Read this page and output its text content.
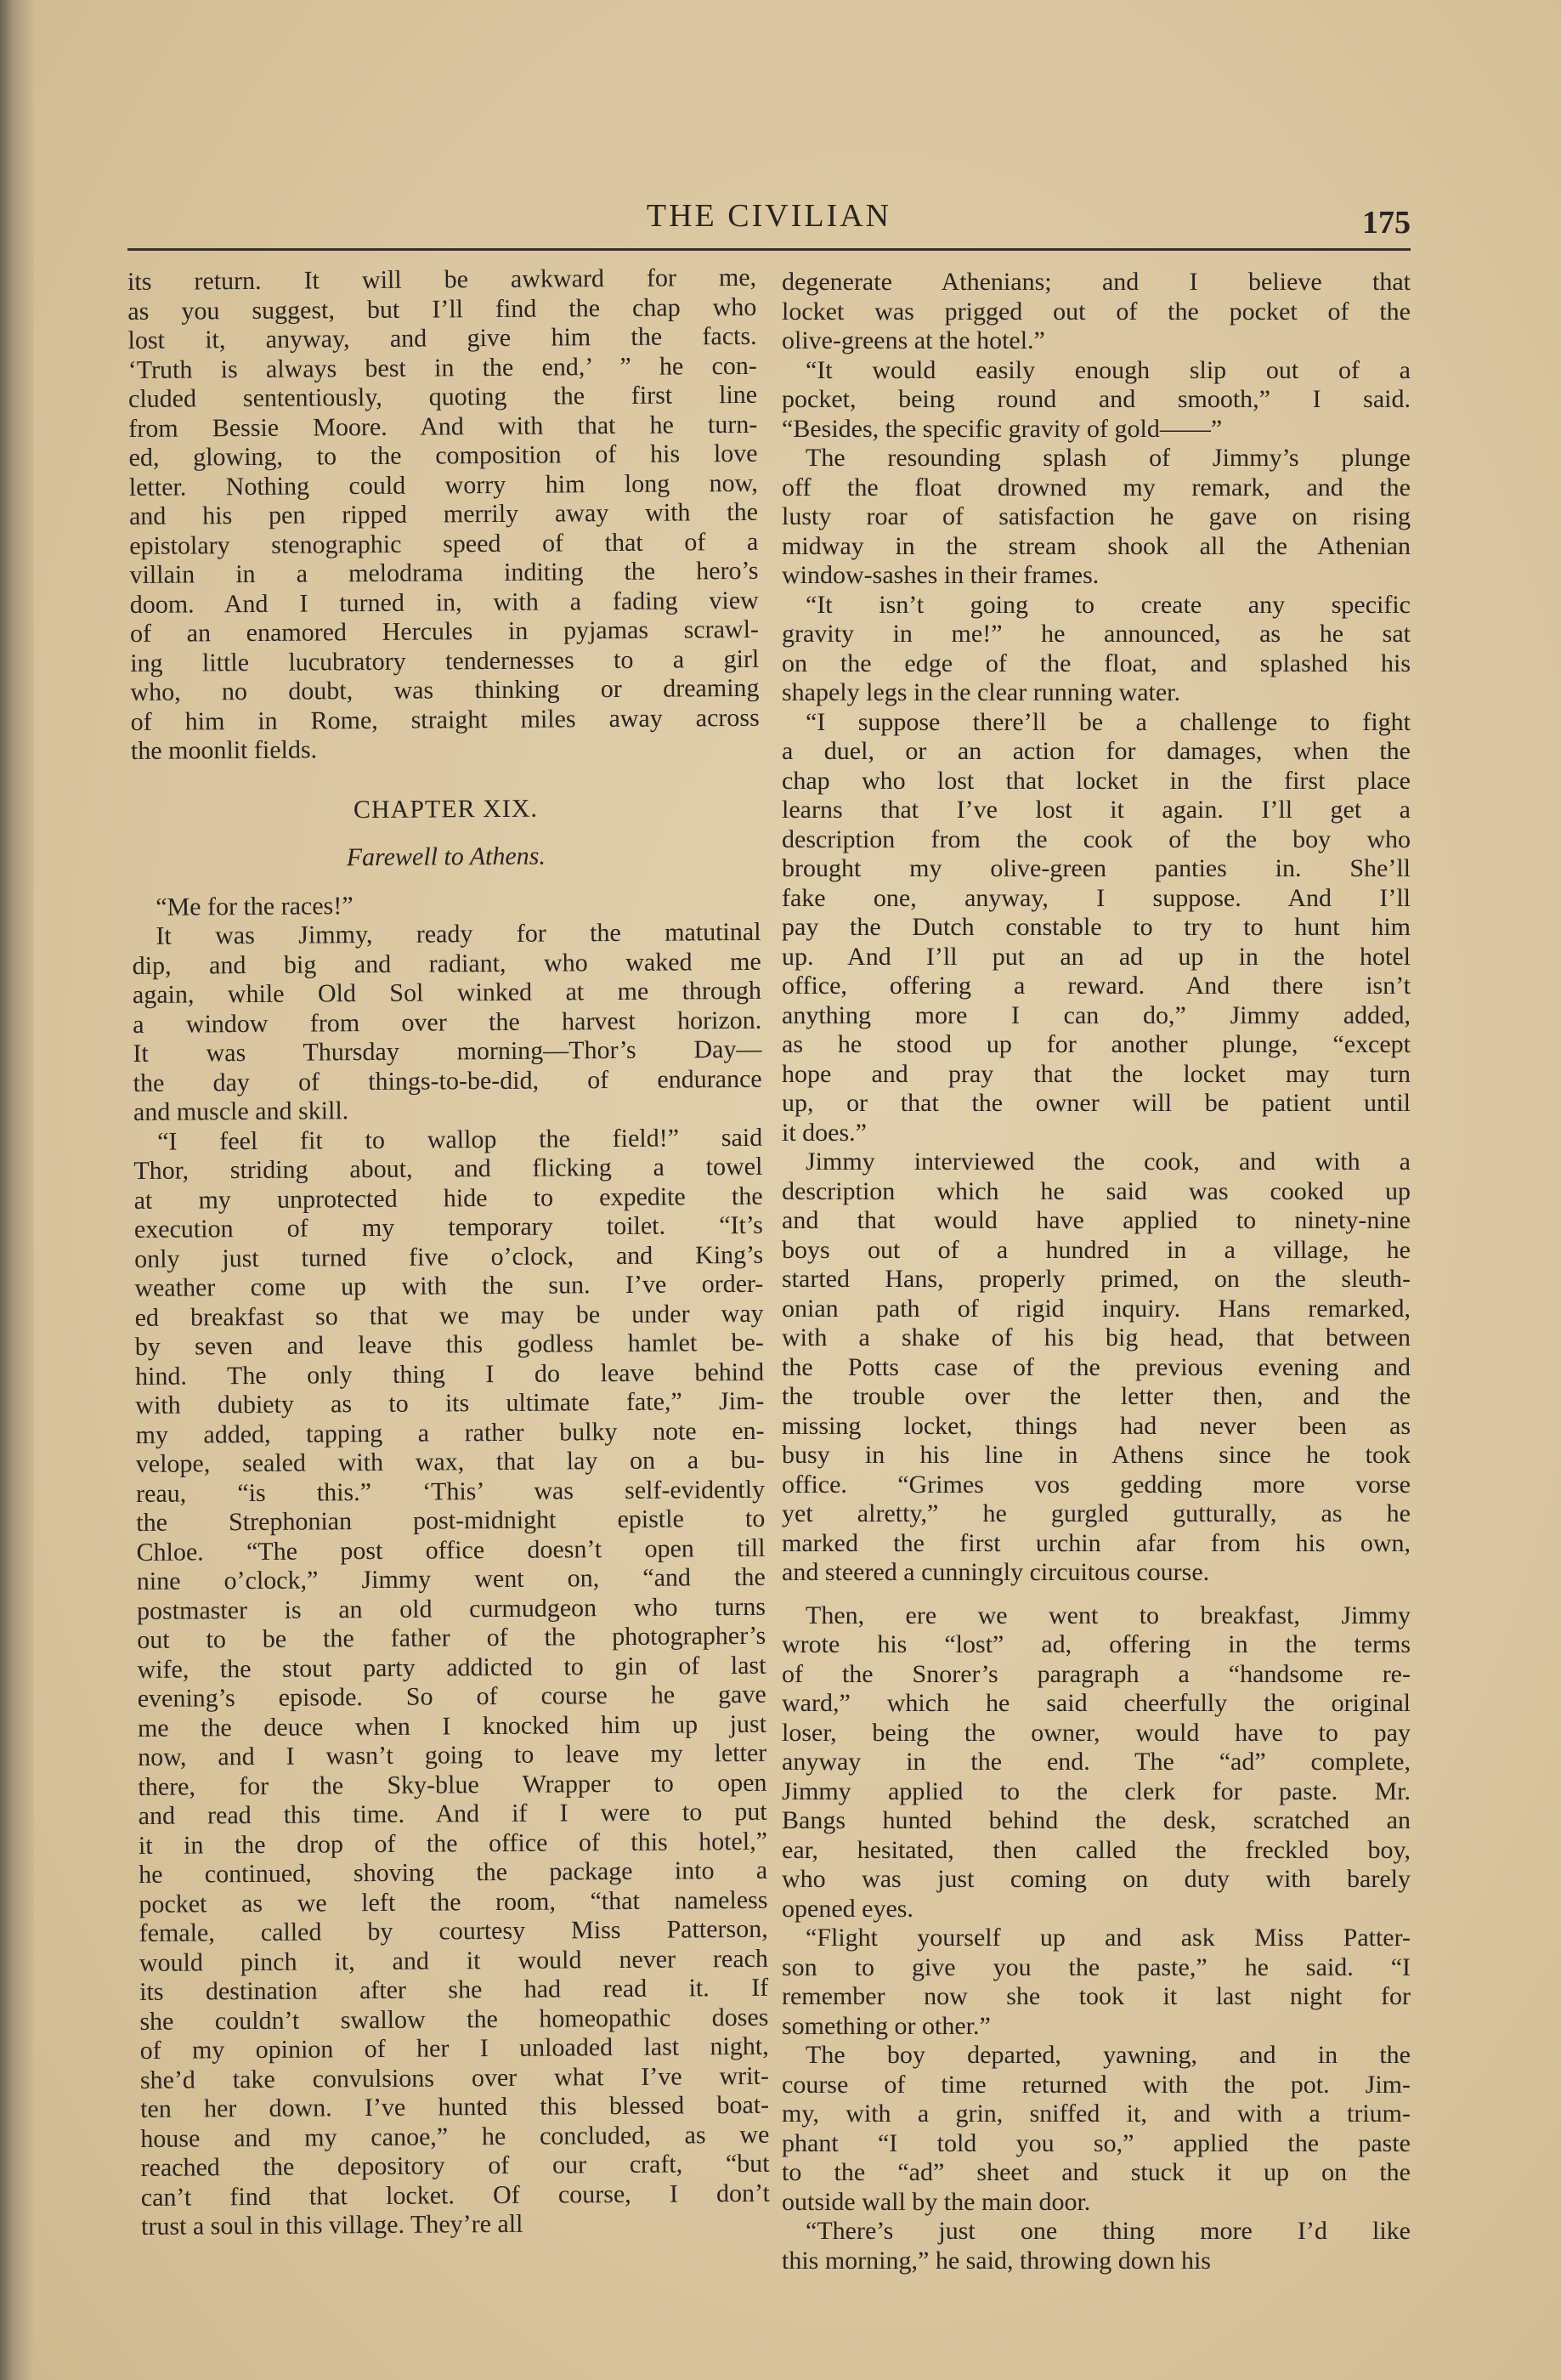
THE CIVILIAN	175
its return. It will be awkward for me,
as you suggest, but I’ll find the chap who
lost it, anyway, and give him the facts.
‘Truth is always best in the end,’ ” he con-
cluded sententiously, quoting the first line
from Bessie Moore. And with that he turn-
ed, glowing, to the composition of his love
letter. Nothing could worry him long now,
and his pen ripped merrily away with the
epistolary stenographic speed of that of a
villain in a melodrama inditing the hero’s
doom. And I turned in, with a fading view
of an enamored Hercules in pyjamas scrawl-
ing little lucubratory tendernesses to a girl
who, no doubt, was thinking or dreaming
of him in Rome, straight miles away across
the moonlit fields.
CHAPTER XIX.
Farewell to Athens.
“Me for the races!”
It was Jimmy, ready for the matutinal
dip, and big and radiant, who waked me
again, while Old Sol winked at me through
a window from over the harvest horizon.
It was Thursday morning—Thor’s Day—
the day of things-to-be-did, of endurance
and muscle and skill.
“I feel fit to wallop the field!” said
Thor, striding about, and flicking a towel
at my unprotected hide to expedite the
execution of my temporary toilet. “It’s
only just turned five o’clock, and King’s
weather come up with the sun. I’ve order-
ed breakfast so that we may be under way
by seven and leave this godless hamlet be-
hind. The only thing I do leave behind
with dubiety as to its ultimate fate,” Jim-
my added, tapping a rather bulky note en-
velope, sealed with wax, that lay on a bu-
reau, “is this.” ‘This’ was self-evidently
the Strephonian post-midnight epistle to
Chloe. “The post office doesn’t open till
nine o’clock,” Jimmy went on, “and the
postmaster is an old curmudgeon who turns
out to be the father of the photographer’s
wife, the stout party addicted to gin of last
evening’s episode. So of course he gave
me the deuce when I knocked him up just
now, and I wasn’t going to leave my letter
there, for the Sky-blue Wrapper to open
and read this time. And if I were to put
it in the drop of the office of this hotel,”
he continued, shoving the package into a
pocket as we left the room, “that nameless
female, called by courtesy Miss Patterson,
would pinch it, and it would never reach
its destination after she had read it. If
she couldn’t swallow the homeopathic doses
of my opinion of her I unloaded last night,
she’d take convulsions over what I’ve writ-
ten her down. I’ve hunted this blessed boat-
house and my canoe,” he concluded, as we
reached the depository of our craft, “but
can’t find that locket. Of course, I don’t
trust a soul in this village. They’re all
degenerate Athenians; and I believe that
locket was prigged out of the pocket of the
olive-greens at the hotel.”
“It would easily enough slip out of a
pocket, being round and smooth,” I said.
“Besides, the specific gravity of gold——”
The resounding splash of Jimmy’s plunge
off the float drowned my remark, and the
lusty roar of satisfaction he gave on rising
midway in the stream shook all the Athenian
window-sashes in their frames.
“It isn’t going to create any specific
gravity in me!” he announced, as he sat
on the edge of the float, and splashed his
shapely legs in the clear running water.
“I suppose there’ll be a challenge to fight
a duel, or an action for damages, when the
chap who lost that locket in the first place
learns that I’ve lost it again. I’ll get a
description from the cook of the boy who
brought my olive-green panties in. She’ll
fake one, anyway, I suppose. And I’ll
pay the Dutch constable to try to hunt him
up. And I’ll put an ad up in the hotel
office, offering a reward. And there isn’t
anything more I can do,” Jimmy added,
as he stood up for another plunge, “except
hope and pray that the locket may turn
up, or that the owner will be patient until
it does.”
Jimmy interviewed the cook, and with a
description which he said was cooked up
and that would have applied to ninety-nine
boys out of a hundred in a village, he
started Hans, properly primed, on the sleuth-
onian path of rigid inquiry. Hans remarked,
with a shake of his big head, that between
the Potts case of the previous evening and
the trouble over the letter then, and the
missing locket, things had never been as
busy in his line in Athens since he took
office. “Grimes vos gedding more vorse
yet alretty,” he gurgled gutturally, as he
marked the first urchin afar from his own,
and steered a cunningly circuitous course.
Then, ere we went to breakfast, Jimmy
wrote his “lost” ad, offering in the terms
of the Snorer’s paragraph a “handsome re-
ward,” which he said cheerfully the original
loser, being the owner, would have to pay
anyway in the end. The “ad” complete,
Jimmy applied to the clerk for paste. Mr.
Bangs hunted behind the desk, scratched an
ear, hesitated, then called the freckled boy,
who was just coming on duty with barely
opened eyes.
“Flight yourself up and ask Miss Patter-
son to give you the paste,” he said. “I
remember now she took it last night for
something or other.”
The boy departed, yawning, and in the
course of time returned with the pot. Jim-
my, with a grin, sniffed it, and with a trium-
phant “I told you so,” applied the paste
to the “ad” sheet and stuck it up on the
outside wall by the main door.
“There’s just one thing more I’d like
this morning,” he said, throwing down his
